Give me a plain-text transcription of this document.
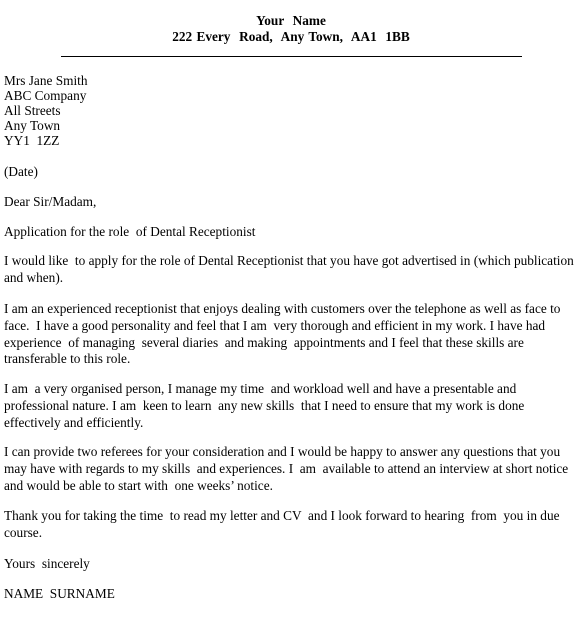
Your  Name
222 Every  Road,  Any Town,  AA1  1BB
Mrs Jane Smith
ABC Company
All Streets
Any Town
YY1  1ZZ
(Date)
Dear Sir/Madam,
Application for the role  of Dental Receptionist
I would like  to apply for the role of Dental Receptionist that you have got advertised in (which publication
and when).
I am an experienced receptionist that enjoys dealing with customers over the telephone as well as face to
face.  I have a good personality and feel that I am  very thorough and efficient in my work. I have had
experience  of managing  several diaries  and making  appointments and I feel that these skills are
transferable to this role.
I am  a very organised person, I manage my time  and workload well and have a presentable and
professional nature. I am  keen to learn  any new skills  that I need to ensure that my work is done
effectively and efficiently.
I can provide two referees for your consideration and I would be happy to answer any questions that you
may have with regards to my skills  and experiences. I  am  available to attend an interview at short notice
and would be able to start with  one weeks’ notice.
Thank you for taking the time  to read my letter and CV  and I look forward to hearing  from  you in due
course.
Yours  sincerely
NAME  SURNAME
